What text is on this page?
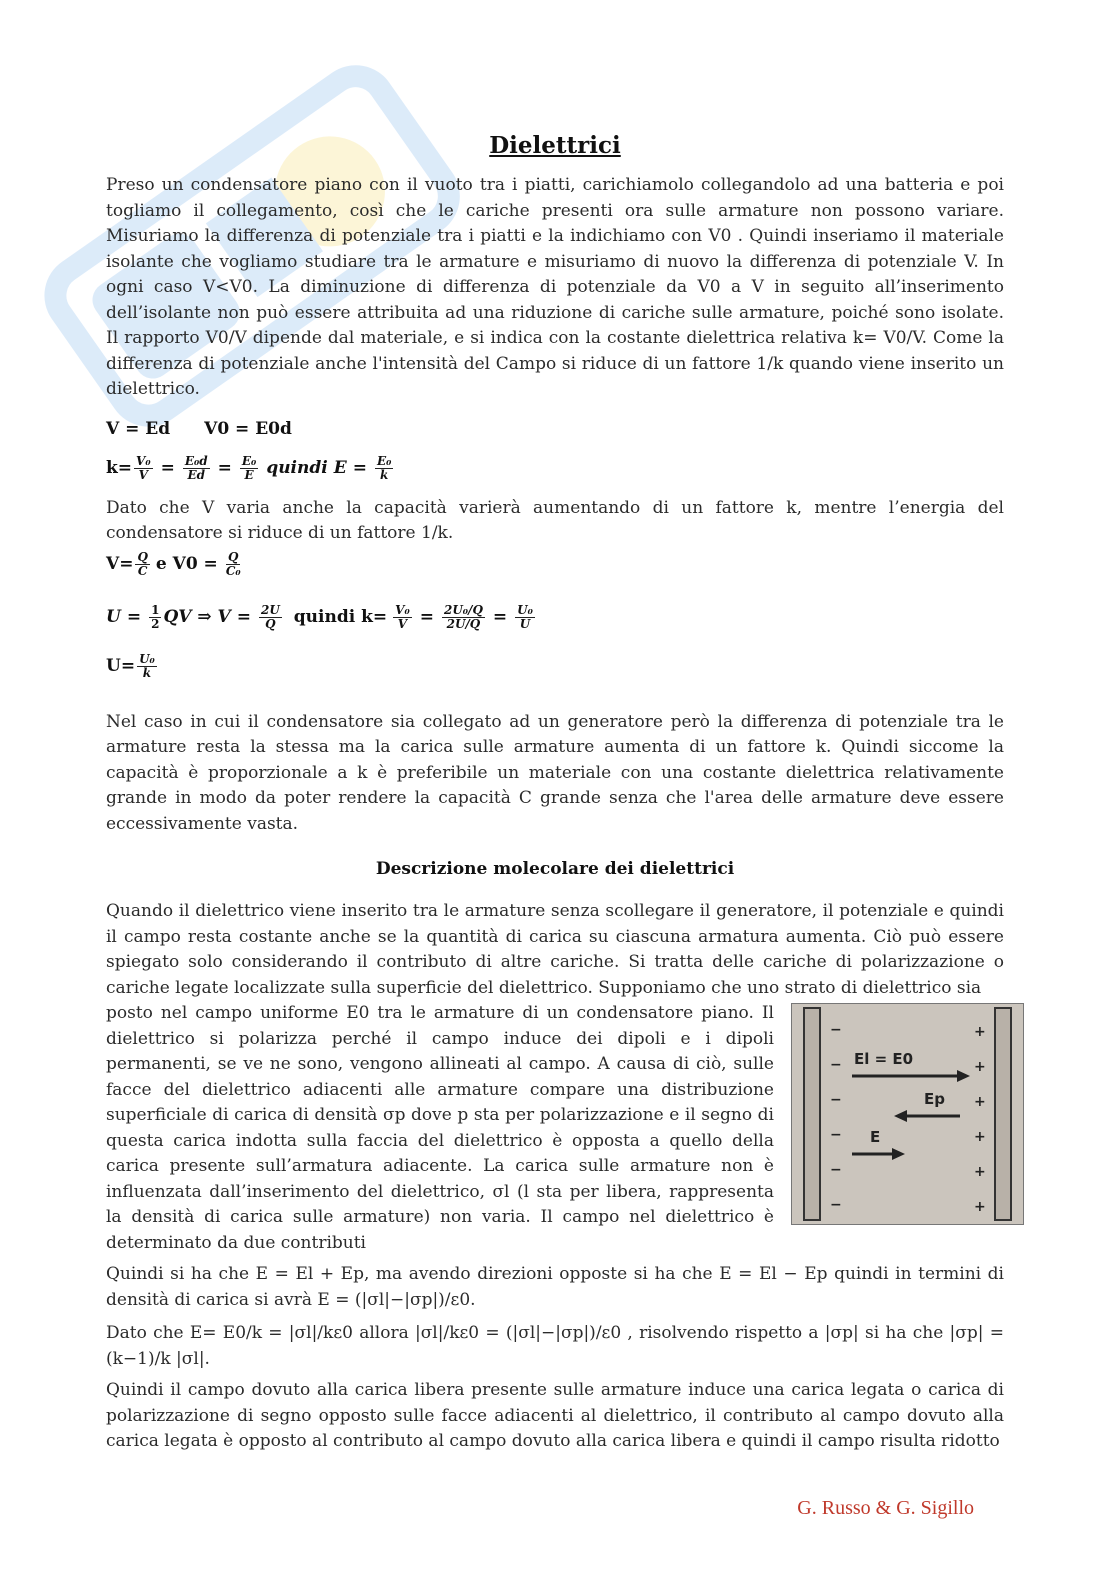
Dielettrici

Preso un condensatore piano con il vuoto tra i piatti, carichiamolo collegandolo ad una batteria e poi togliamo il collegamento, così che le cariche presenti ora sulle armature non possono variare. Misuriamo la differenza di potenziale tra i piatti e la indichiamo con V0 . Quindi inseriamo il materiale isolante che vogliamo studiare tra le armature e misuriamo di nuovo la differenza di potenziale V. In ogni caso V<V0. La diminuzione di differenza di potenziale da V0 a V in seguito all’inserimento dell’isolante non può essere attribuita ad una riduzione di cariche sulle armature, poiché sono isolate. Il rapporto V0/V dipende dal materiale, e si indica con la costante dielettrica relativa k= V0/V. Come la differenza di potenziale anche l'intensità del Campo si riduce di un fattore 1/k quando viene inserito un dielettrico.

V = Ed V0 = E0d
$k= \frac{\text{V₀}}{V} = \frac{\text{E₀d}}{Ed} = \frac{\text{E₀}}{E}$ quindi $E = \frac{\text{E₀}}{k}$

Dato che V varia anche la capacità varierà aumentando di un fattore k, mentre l’energia del condensatore si riduce di un fattore 1/k.

$V= \frac{Q}{C}$ e $V0 = \frac{Q}{\text{C₀}}$
$U = \frac{1}{2}$ QV ⇒ $V = \frac{2U}{Q}$ quindi $k= \frac{\text{V₀}}{V} = \frac{\text{2U₀/Q}}{2U/Q} = \frac{\text{U₀}}{U}$
$U= \frac{\text{U₀}}{k}$

Nel caso in cui il condensatore sia collegato ad un generatore però la differenza di potenziale tra le armature resta la stessa ma la carica sulle armature aumenta di un fattore k. Quindi siccome la capacità è proporzionale a k è preferibile un materiale con una costante dielettrica relativamente grande in modo da poter rendere la capacità C grande senza che l'area delle armature deve essere eccessivamente vasta.

Descrizione molecolare dei dielettrici

Quando il dielettrico viene inserito tra le armature senza scollegare il generatore, il potenziale e quindi il campo resta costante anche se la quantità di carica su ciascuna armatura aumenta. Ciò può essere spiegato solo considerando il contributo di altre cariche. Si tratta delle cariche di polarizzazione o cariche legate localizzate sulla superficie del dielettrico. Supponiamo che uno strato di dielettrico sia

posto nel campo uniforme E0 tra le armature di un condensatore piano. Il dielettrico si polarizza perché il campo induce dei dipoli e i dipoli permanenti, se ve ne sono, vengono allineati al campo. A causa di ciò, sulle facce del dielettrico adiacenti alle armature compare una distribuzione superficiale di carica di densità σp dove p sta per polarizzazione e il segno di questa carica indotta sulla faccia del dielettrico è opposta a quello della carica presente sull’armatura adiacente. La carica sulle armature non è influenzata dall’inserimento del dielettrico, σl (l sta per libera, rappresenta la densità di carica sulle armature) non varia. Il campo nel dielettrico è determinato da due contributi

Quindi si ha che E = El + Ep, ma avendo direzioni opposte si ha che E = El − Ep quindi in termini di densità di carica si avrà E = (|σl|−|σp|)/ε0.

Dato che E= E0/k = |σl|/kε0 allora |σl|/kε0 = (|σl|−|σp|)/ε0 , risolvendo rispetto a |σp| si ha che |σp| = (k−1)/k |σl|.

Quindi il campo dovuto alla carica libera presente sulle armature induce una carica legata o carica di polarizzazione di segno opposto sulle facce adiacenti al dielettrico, il contributo al campo dovuto alla carica legata è opposto al contributo al campo dovuto alla carica libera e quindi il campo risulta ridotto

−
−
−
−
−
−
+
+
+
+
+
+
El = E0
Ep
E
G. Russo & G. Sigillo
